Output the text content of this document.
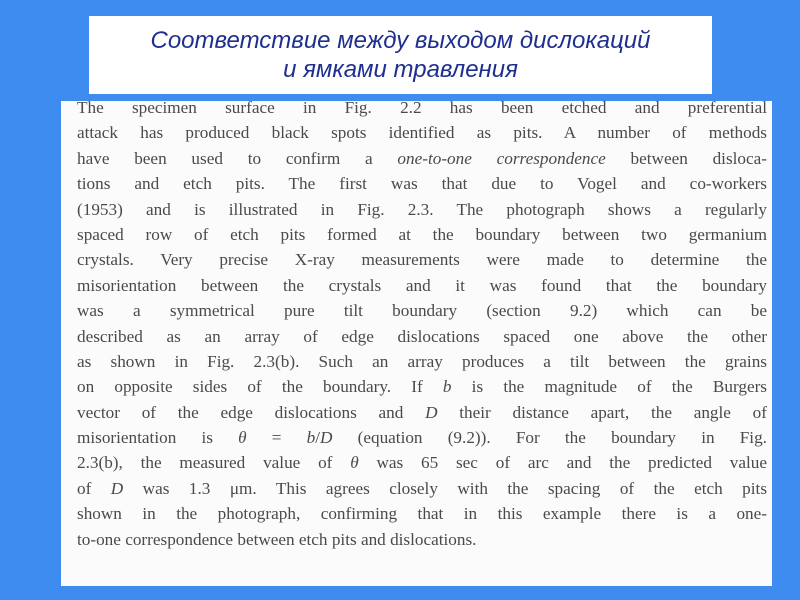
Соответствие между выходом дислокаций
и ямками травления
The specimen surface in Fig. 2.2 has been etched and preferential
attack has produced black spots identified as pits. A number of methods
have been used to confirm a one-to-one correspondence between disloca-
tions and etch pits. The first was that due to Vogel and co-workers
(1953) and is illustrated in Fig. 2.3. The photograph shows a regularly
spaced row of etch pits formed at the boundary between two germanium
crystals. Very precise X-ray measurements were made to determine the
misorientation between the crystals and it was found that the boundary
was a symmetrical pure tilt boundary (section 9.2) which can be
described as an array of edge dislocations spaced one above the other
as shown in Fig. 2.3(b). Such an array produces a tilt between the grains
on opposite sides of the boundary. If b is the magnitude of the Burgers
vector of the edge dislocations and D their distance apart, the angle of
misorientation is θ = b/D (equation (9.2)). For the boundary in Fig.
2.3(b), the measured value of θ was 65 sec of arc and the predicted value
of D was 1.3 μm. This agrees closely with the spacing of the etch pits
shown in the photograph, confirming that in this example there is a one-
to-one correspondence between etch pits and dislocations.
